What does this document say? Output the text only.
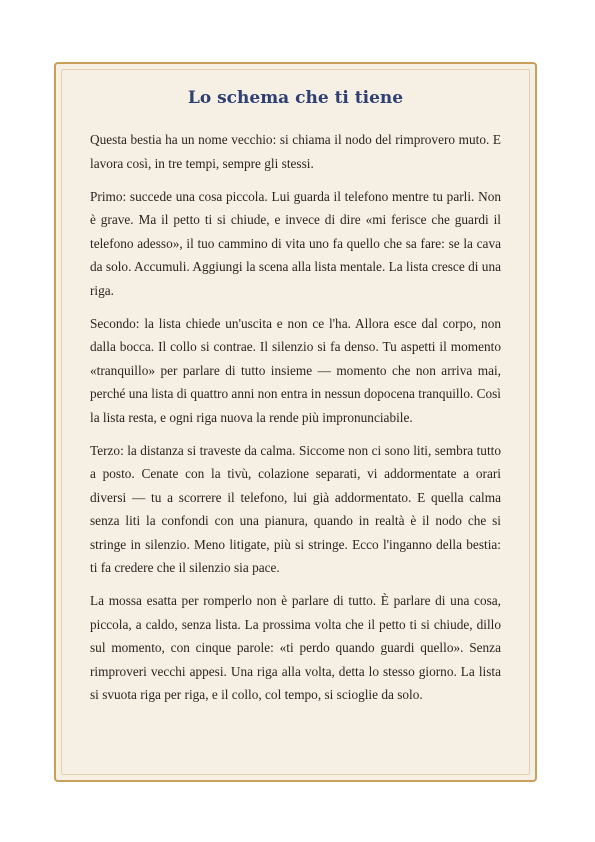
Lo schema che ti tiene

Questa bestia ha un nome vecchio: si chiama il nodo del rimprovero muto. E lavora così, in tre tempi, sempre gli stessi.

Primo: succede una cosa piccola. Lui guarda il telefono mentre tu parli. Non è grave. Ma il petto ti si chiude, e invece di dire «mi ferisce che guardi il telefono adesso», il tuo cammino di vita uno fa quello che sa fare: se la cava da solo. Accumuli. Aggiungi la scena alla lista mentale. La lista cresce di una riga.

Secondo: la lista chiede un'uscita e non ce l'ha. Allora esce dal corpo, non dalla bocca. Il collo si contrae. Il silenzio si fa denso. Tu aspetti il momento «tranquillo» per parlare di tutto insieme — momento che non arriva mai, perché una lista di quattro anni non entra in nessun dopocena tranquillo. Così la lista resta, e ogni riga nuova la rende più impronunciabile.

Terzo: la distanza si traveste da calma. Siccome non ci sono liti, sembra tutto a posto. Cenate con la tivù, colazione separati, vi addormentate a orari diversi — tu a scorrere il telefono, lui già addormentato. E quella calma senza liti la confondi con una pianura, quando in realtà è il nodo che si stringe in silenzio. Meno litigate, più si stringe. Ecco l'inganno della bestia: ti fa credere che il silenzio sia pace.

La mossa esatta per romperlo non è parlare di tutto. È parlare di una cosa, piccola, a caldo, senza lista. La prossima volta che il petto ti si chiude, dillo sul momento, con cinque parole: «ti perdo quando guardi quello». Senza rimproveri vecchi appesi. Una riga alla volta, detta lo stesso giorno. La lista si svuota riga per riga, e il collo, col tempo, si scioglie da solo.
